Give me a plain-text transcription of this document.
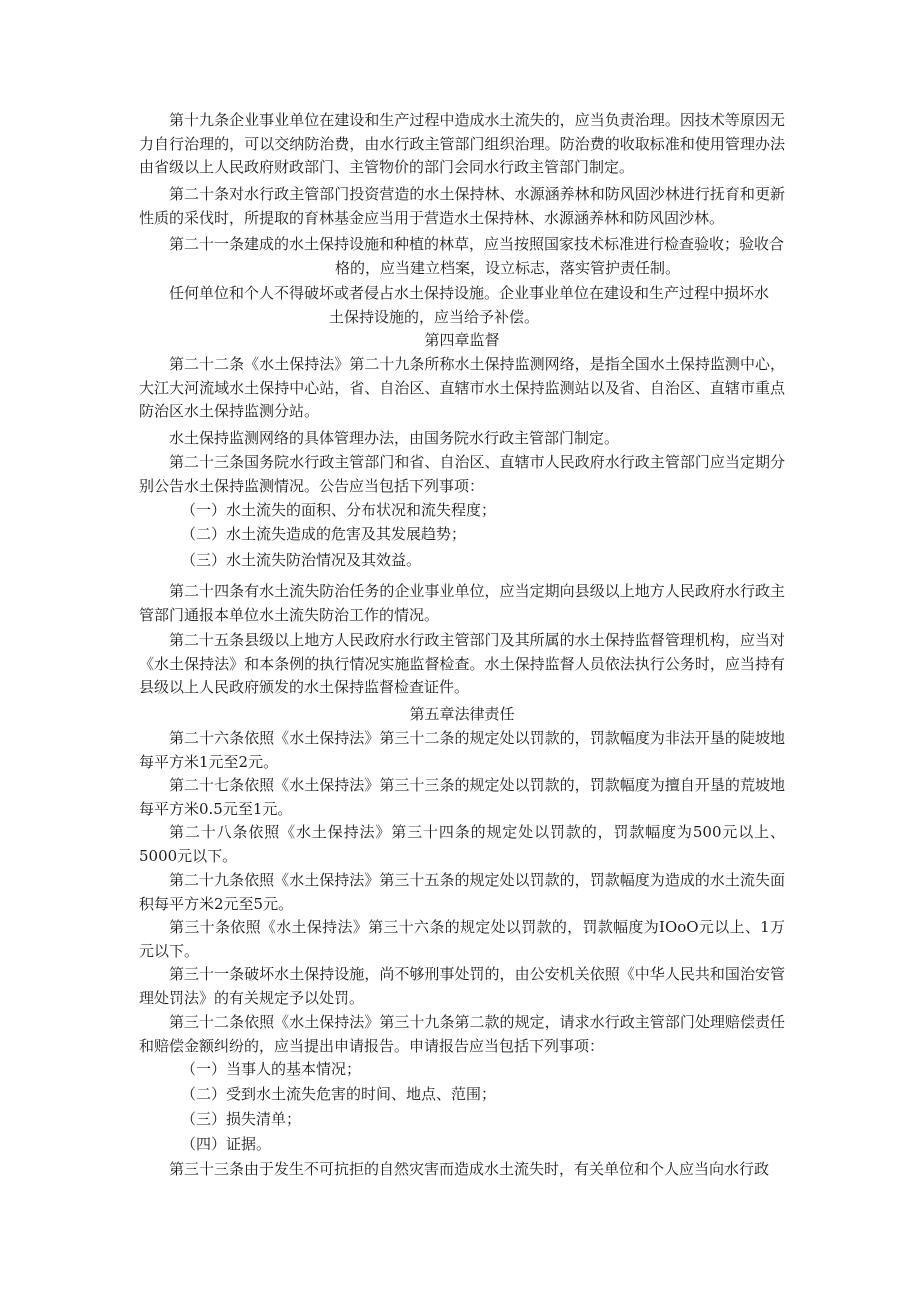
第十九条企业事业单位在建设和生产过程中造成水土流失的，应当负责治理。因技术等原因无力自行治理的，可以交纳防治费，由水行政主管部门组织治理。防治费的收取标准和使用管理办法由省级以上人民政府财政部门、主管物价的部门会同水行政主管部门制定。

第二十条对水行政主管部门投资营造的水土保持林、水源涵养林和防风固沙林进行抚育和更新性质的采伐时，所提取的育林基金应当用于营造水土保持林、水源涵养林和防风固沙林。

第二十一条建成的水土保持设施和种植的林草，应当按照国家技术标准进行检查验收；验收合

格的，应当建立档案，设立标志，落实管护责任制。

任何单位和个人不得破坏或者侵占水土保持设施。企业事业单位在建设和生产过程中损坏水

土保持设施的，应当给予补偿。

第四章监督

第二十二条《水土保持法》第二十九条所称水土保持监测网络，是指全国水土保持监测中心，大江大河流域水土保持中心站，省、自治区、直辖市水土保持监测站以及省、自治区、直辖市重点防治区水土保持监测分站。

水土保持监测网络的具体管理办法，由国务院水行政主管部门制定。

第二十三条国务院水行政主管部门和省、自治区、直辖市人民政府水行政主管部门应当定期分别公告水土保持监测情况。公告应当包括下列事项：

（一）水土流失的面积、分布状况和流失程度；

（二）水土流失造成的危害及其发展趋势；

（三）水土流失防治情况及其效益。

第二十四条有水土流失防治任务的企业事业单位，应当定期向县级以上地方人民政府水行政主管部门通报本单位水土流失防治工作的情况。

第二十五条县级以上地方人民政府水行政主管部门及其所属的水土保持监督管理机构，应当对《水土保持法》和本条例的执行情况实施监督检查。水土保持监督人员依法执行公务时，应当持有县级以上人民政府颁发的水土保持监督检查证件。

第五章法律责任

第二十六条依照《水土保持法》第三十二条的规定处以罚款的，罚款幅度为非法开垦的陡坡地每平方米1元至2元。

第二十七条依照《水土保持法》第三十三条的规定处以罚款的，罚款幅度为擅自开垦的荒坡地每平方米0.5元至1元。

第二十八条依照《水土保持法》第三十四条的规定处以罚款的，罚款幅度为500元以上、5000元以下。

第二十九条依照《水土保持法》第三十五条的规定处以罚款的，罚款幅度为造成的水土流失面积每平方米2元至5元。

第三十条依照《水土保持法》第三十六条的规定处以罚款的，罚款幅度为IOoO元以上、1万元以下。

第三十一条破坏水土保持设施，尚不够刑事处罚的，由公安机关依照《中华人民共和国治安管理处罚法》的有关规定予以处罚。

第三十二条依照《水土保持法》第三十九条第二款的规定，请求水行政主管部门处理赔偿责任和赔偿金额纠纷的，应当提出申请报告。申请报告应当包括下列事项：

（一）当事人的基本情况；

（二）受到水土流失危害的时间、地点、范围；

（三）损失清单；

（四）证据。

第三十三条由于发生不可抗拒的自然灾害而造成水土流失时，有关单位和个人应当向水行政
